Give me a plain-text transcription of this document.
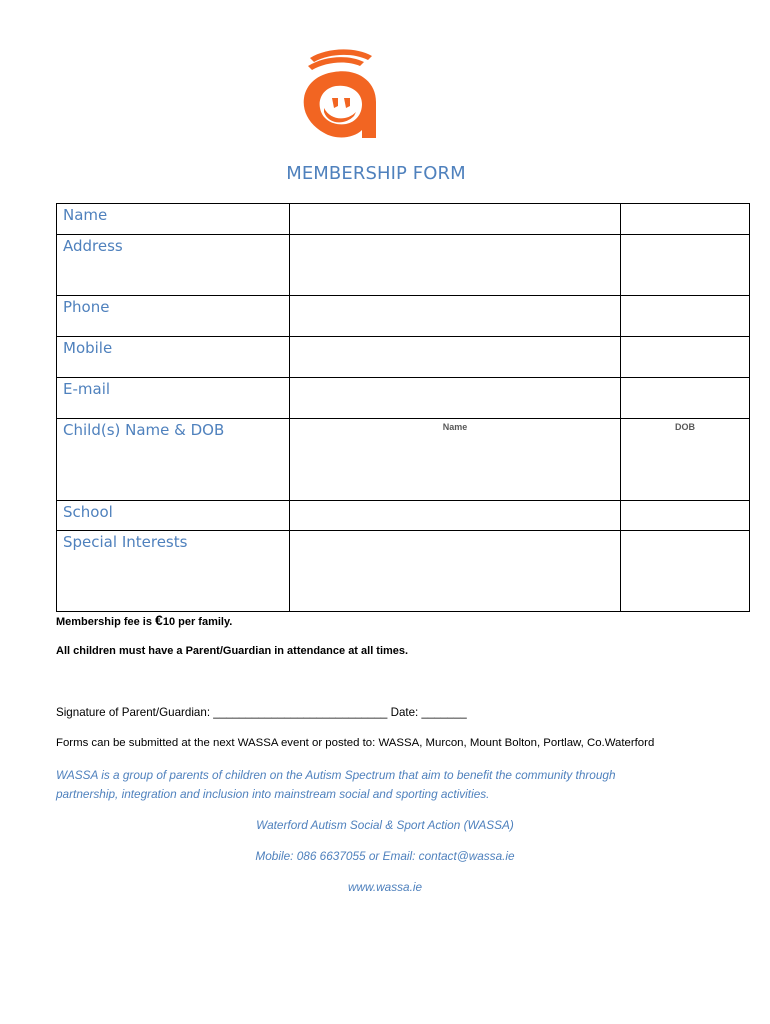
MEMBERSHIP FORM
Name		
Address		
Phone		
Mobile		
E-mail		
Child(s) Name & DOB	Name	DOB

School		
Special Interests		
Membership fee is €10 per family.
All children must have a Parent/Guardian in attendance at all times.
Signature of Parent/Guardian: ___________________________ Date: _______
Forms can be submitted at the next WASSA event or posted to: WASSA, Murcon, Mount Bolton, Portlaw, Co.Waterford
WASSA is a group of parents of children on the Autism Spectrum that aim to benefit the community through
partnership, integration and inclusion into mainstream social and sporting activities.
Waterford Autism Social & Sport Action (WASSA)
Mobile: 086 6637055 or Email: contact@wassa.ie
www.wassa.ie
